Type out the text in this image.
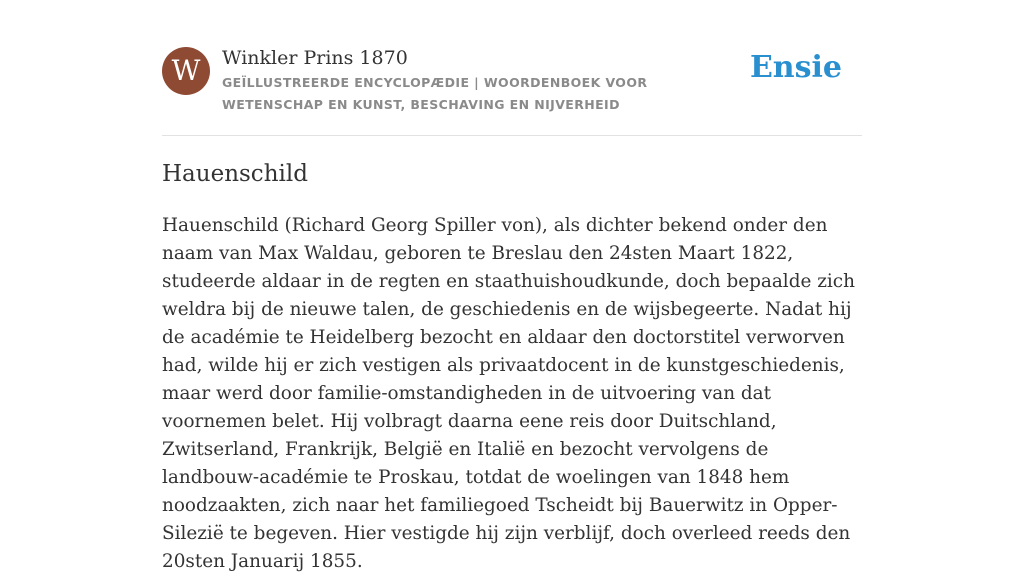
W	Winkler Prins 1870
GEÏLLUSTREERDE ENCYCLOPÆDIE | WOORDENBOEK VOOR WETENSCHAP EN KUNST, BESCHAVING EN NIJVERHEID
Ensie
Hauenschild

Hauenschild (Richard Georg Spiller von), als dichter bekend onder den naam van Max Waldau, geboren te Breslau den 24sten Maart 1822, studeerde aldaar in de regten en staathuishoudkunde, doch bepaalde zich weldra bij de nieuwe talen, de geschiedenis en de wijsbegeerte. Nadat hij de académie te Heidelberg bezocht en aldaar den doctorstitel verworven had, wilde hij er zich vestigen als privaatdocent in de kunstgeschiedenis, maar werd door familie-omstandigheden in de uitvoering van dat voornemen belet. Hij volbragt daarna eene reis door Duitschland, Zwitserland, Frankrijk, België en Italië en bezocht vervolgens de landbouw-académie te Proskau, totdat de woelingen van 1848 hem noodzaakten, zich naar het familiegoed Tscheidt bij Bauerwitz in Opper-Silezië te begeven. Hier vestigde hij zijn verblijf, doch overleed reeds den 20sten Januarij 1855.
